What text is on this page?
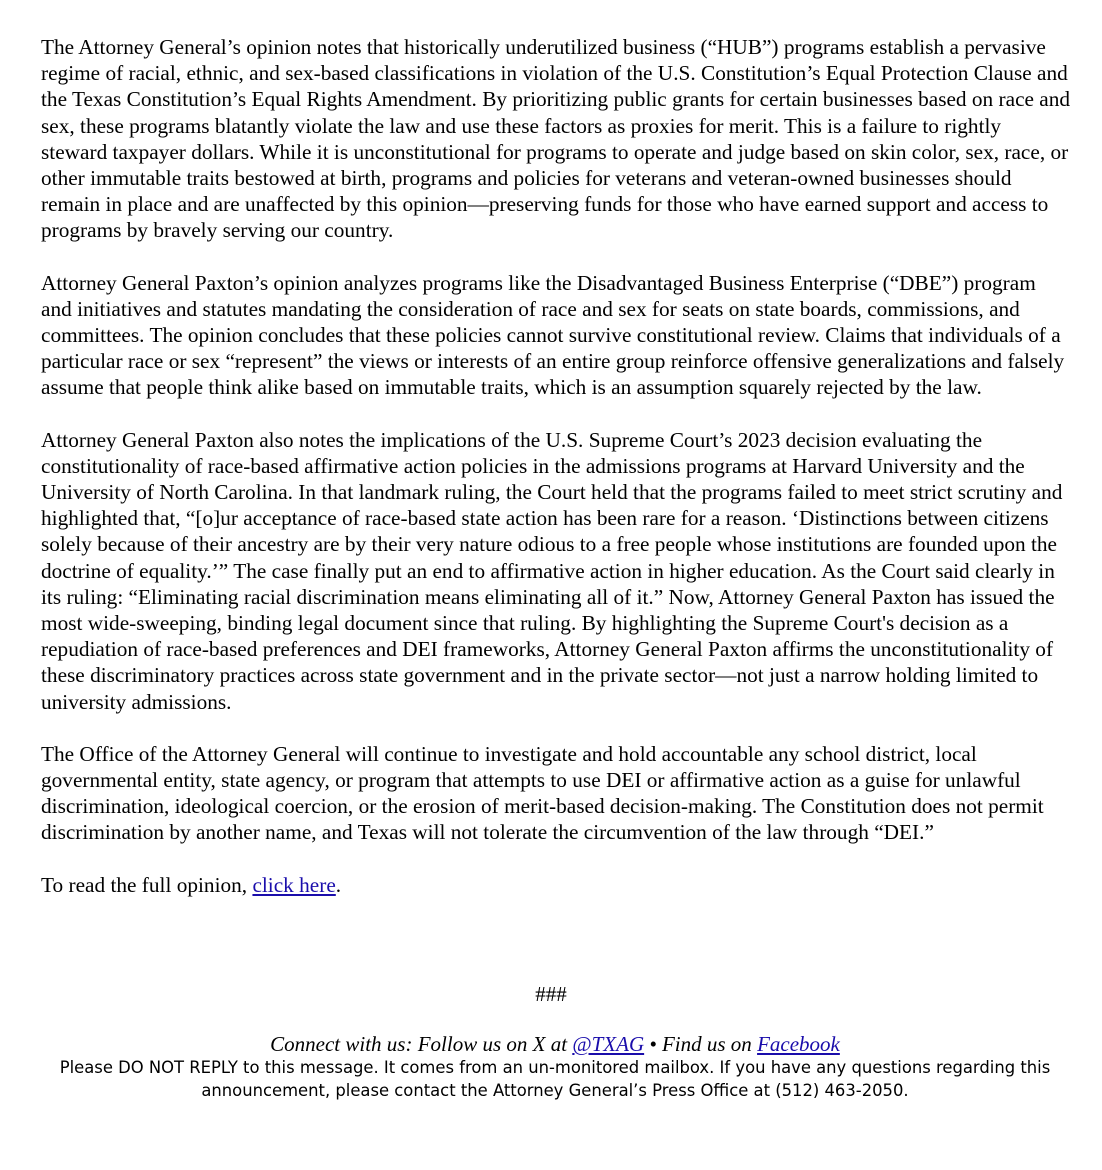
The Attorney General’s opinion notes that historically underutilized business (“HUB”) programs establish a pervasive regime of racial, ethnic, and sex-based classifications in violation of the U.S. Constitution’s Equal Protection Clause and the Texas Constitution’s Equal Rights Amendment. By prioritizing public grants for certain businesses based on race and sex, these programs blatantly violate the law and use these factors as proxies for merit. This is a failure to rightly steward taxpayer dollars. While it is unconstitutional for programs to operate and judge based on skin color, sex, race, or other immutable traits bestowed at birth, programs and policies for veterans and veteran-owned businesses should remain in place and are unaffected by this opinion—preserving funds for those who have earned support and access to programs by bravely serving our country.

Attorney General Paxton’s opinion analyzes programs like the Disadvantaged Business Enterprise (“DBE”) program and initiatives and statutes mandating the consideration of race and sex for seats on state boards, commissions, and committees. The opinion concludes that these policies cannot survive constitutional review. Claims that individuals of a particular race or sex “represent” the views or interests of an entire group reinforce offensive generalizations and falsely assume that people think alike based on immutable traits, which is an assumption squarely rejected by the law.

Attorney General Paxton also notes the implications of the U.S. Supreme Court’s 2023 decision evaluating the constitutionality of race-based affirmative action policies in the admissions programs at Harvard University and the University of North Carolina. In that landmark ruling, the Court held that the programs failed to meet strict scrutiny and highlighted that, “[o]ur acceptance of race-based state action has been rare for a reason. ‘Distinctions between citizens solely because of their ancestry are by their very nature odious to a free people whose institutions are founded upon the doctrine of equality.’” The case finally put an end to affirmative action in higher education. As the Court said clearly in its ruling: “Eliminating racial discrimination means eliminating all of it.” Now, Attorney General Paxton has issued the most wide-sweeping, binding legal document since that ruling. By highlighting the Supreme Court's decision as a repudiation of race-based preferences and DEI frameworks, Attorney General Paxton affirms the unconstitutionality of these discriminatory practices across state government and in the private sector—not just a narrow holding limited to university admissions.

The Office of the Attorney General will continue to investigate and hold accountable any school district, local governmental entity, state agency, or program that attempts to use DEI or affirmative action as a guise for unlawful discrimination, ideological coercion, or the erosion of merit-based decision-making. The Constitution does not permit discrimination by another name, and Texas will not tolerate the circumvention of the law through “DEI.”

To read the full opinion, click here.

###
Connect with us: Follow us on X at @TXAG • Find us on Facebook
Please DO NOT REPLY to this message. It comes from an un-monitored mailbox. If you have any questions regarding this
announcement, please contact the Attorney General’s Press Office at (512) 463-2050.
